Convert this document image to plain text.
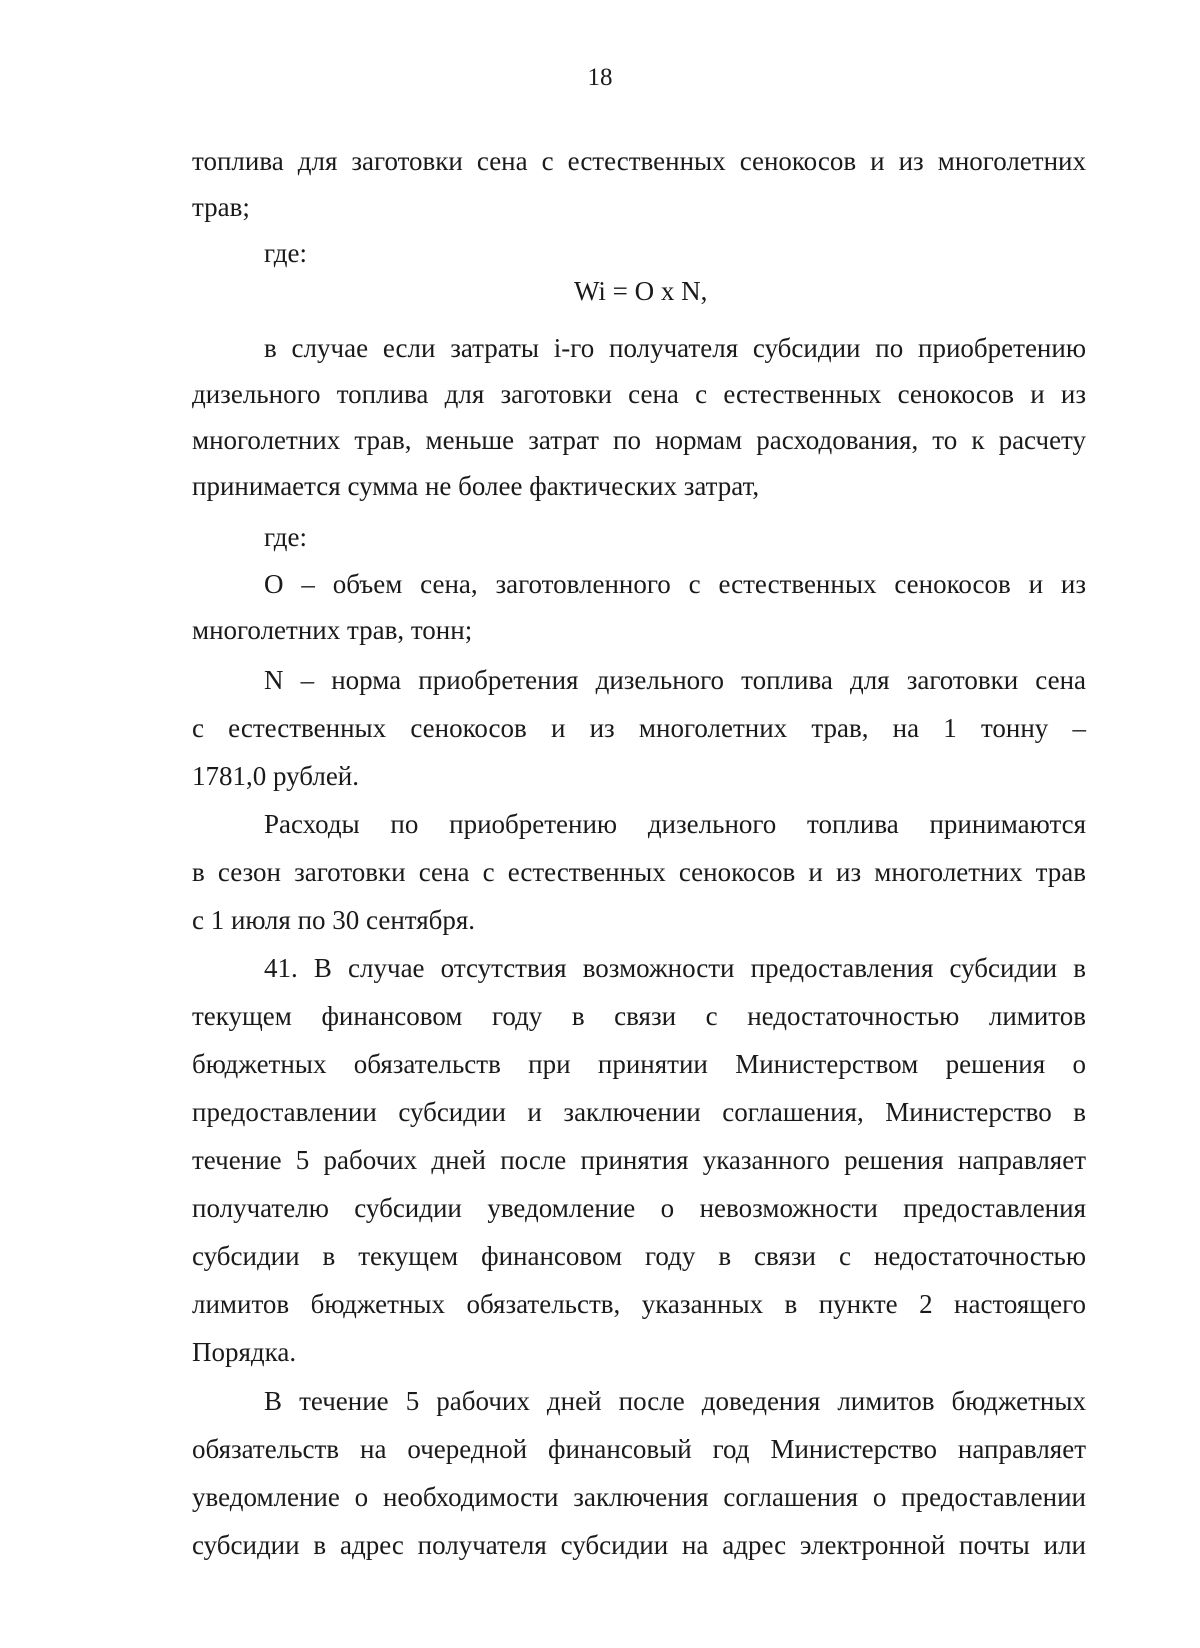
18
топлива для заготовки сена с естественных сенокосов и из многолетних
трав;
где:
Wi = O x N,
в случае если затраты i-го получателя субсидии по приобретению
дизельного топлива для заготовки сена с естественных сенокосов и из
многолетних трав, меньше затрат по нормам расходования, то к расчету
принимается сумма не более фактических затрат,
где:
О – объем сена, заготовленного с естественных сенокосов и из
многолетних трав, тонн;
N – норма приобретения дизельного топлива для заготовки сена
с естественных сенокосов и из многолетних трав, на 1 тонну –
1781,0 рублей.
Расходы по приобретению дизельного топлива принимаются
в сезон заготовки сена с естественных сенокосов и из многолетних трав
с 1 июля по 30 сентября.
41. В случае отсутствия возможности предоставления субсидии в
текущем финансовом году в связи с недостаточностью лимитов
бюджетных обязательств при принятии Министерством решения о
предоставлении субсидии и заключении соглашения, Министерство в
течение 5 рабочих дней после принятия указанного решения направляет
получателю субсидии уведомление о невозможности предоставления
субсидии в текущем финансовом году в связи с недостаточностью
лимитов бюджетных обязательств, указанных в пункте 2 настоящего
Порядка.
В течение 5 рабочих дней после доведения лимитов бюджетных
обязательств на очередной финансовый год Министерство направляет
уведомление о необходимости заключения соглашения о предоставлении
субсидии в адрес получателя субсидии на адрес электронной почты или
